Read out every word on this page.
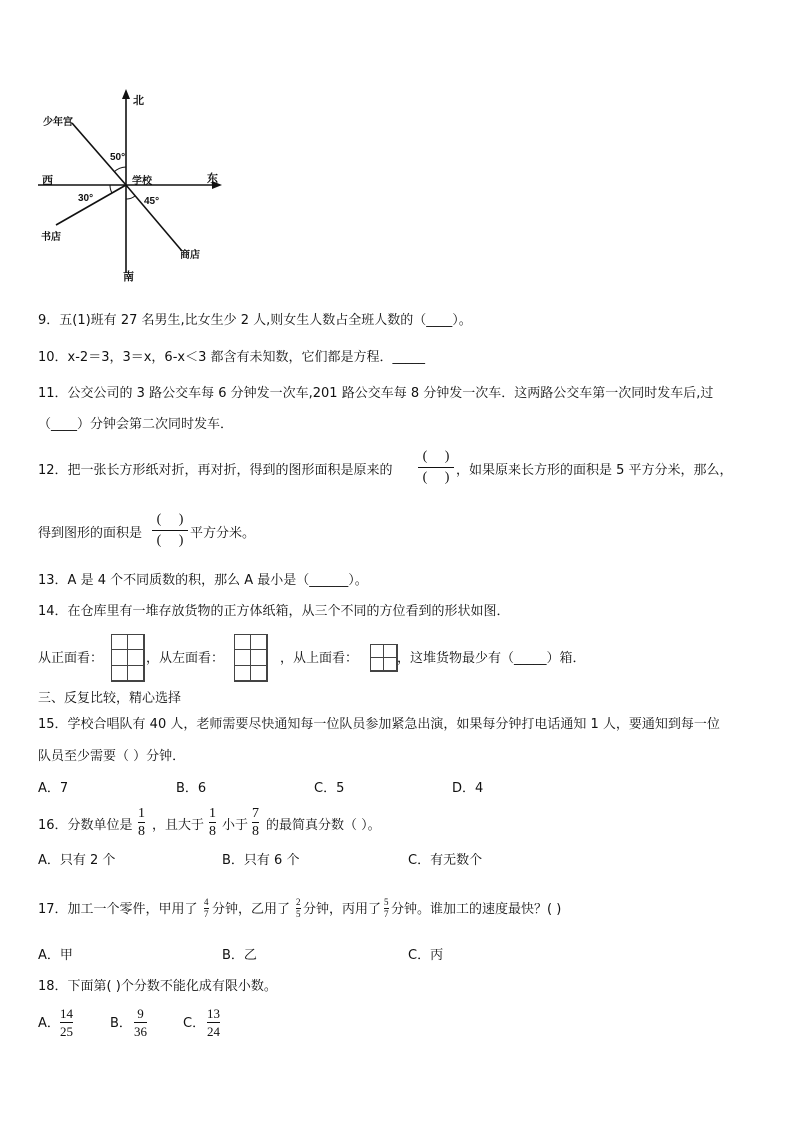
北
南
东
西	学校
少年宫
书店
商店
50°
30°	45°
9．五(1)班有 27 名男生,比女生少 2 人,则女生人数占全班人数的（____）。
10．x-2＝3，3＝x，6-x＜3 都含有未知数，它们都是方程．_____
11．公交公司的 3 路公交车每 6 分钟发一次车,201 路公交车每 8 分钟发一次车．这两路公交车第一次同时发车后,过
（____）分钟会第二次同时发车．
12．把一张长方形纸对折，再对折，得到的图形面积是原来的
( )
( ) ，如果原来长方形的面积是 5 平方分米，那么，
得到图形的面积是
( )
( ) 平方分米。
13．A 是 4 个不同质数的积，那么 A 最小是（______）。
14．在仓库里有一堆存放货物的正方体纸箱，从三个不同的方位看到的形状如图．
从正面看：	，从左面看：	，从上面看：	，这堆货物最少有（_____）箱．
三、反复比较，精心选择
15．学校合唱队有 40 人，老师需要尽快通知每一位队员参加紧急出演，如果每分钟打电话通知 1 人，要通知到每一位
队员至少需要（ ）分钟．
A．7	B．6	C．5	D．4
16．分数单位是
1
8 ，且大于
1
8 小于
7
8 的最简真分数（ ）。
A．只有 2 个	B．只有 6 个	C．有无数个
17．加工一个零件，甲用了 4
7 分钟，乙用了 2
5 分钟，丙用了 5
7 分钟。谁加工的速度最快？( )
A．甲	B．乙	C．丙
18．下面第( )个分数不能化成有限小数。
A．
14
25
B．
9
36
C．
13
24
